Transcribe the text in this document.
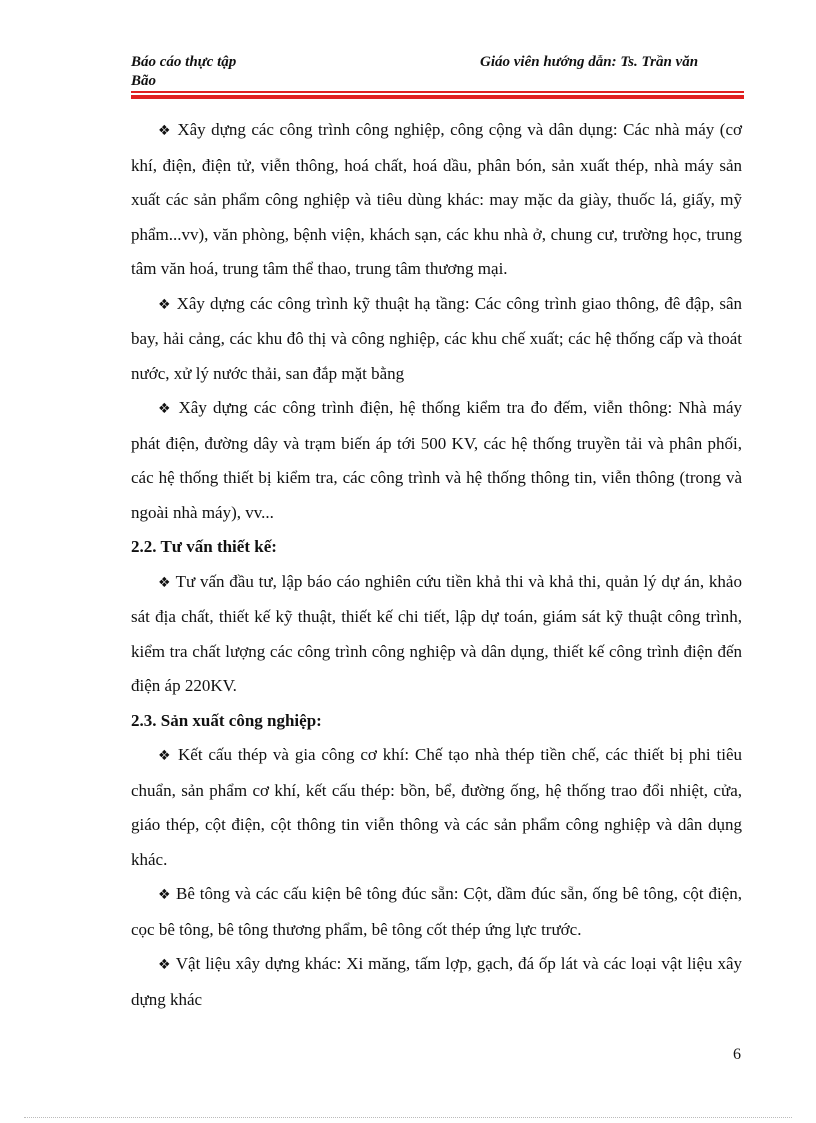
Báo cáo thực tập
Bão
Giáo viên hướng dẫn: Ts. Trần văn

❖ Xây dựng các công trình công nghiệp, công cộng và dân dụng: Các nhà máy (cơ khí, điện, điện tử, viễn thông, hoá chất, hoá dầu, phân bón, sản xuất thép, nhà máy sản xuất các sản phẩm công nghiệp và tiêu dùng khác: may mặc da giày, thuốc lá, giấy, mỹ phẩm...vv), văn phòng, bệnh viện, khách sạn, các khu nhà ở, chung cư, trường học, trung tâm văn hoá, trung tâm thể thao, trung tâm thương mại.

❖ Xây dựng các công trình kỹ thuật hạ tầng: Các công trình giao thông, đê đập, sân bay, hải cảng, các khu đô thị và công nghiệp, các khu chế xuất; các hệ thống cấp và thoát nước, xử lý nước thải, san đắp mặt bằng

❖ Xây dựng các công trình điện, hệ thống kiểm tra đo đếm, viễn thông: Nhà máy phát điện, đường dây và trạm biến áp tới 500 KV, các hệ thống truyền tải và phân phối, các hệ thống thiết bị kiểm tra, các công trình và hệ thống thông tin, viễn thông (trong và ngoài nhà máy), vv...

2.2. Tư vấn thiết kế:

❖ Tư vấn đầu tư, lập báo cáo nghiên cứu tiền khả thi và khả thi, quản lý dự án, khảo sát địa chất, thiết kế kỹ thuật, thiết kế chi tiết, lập dự toán, giám sát kỹ thuật công trình, kiểm tra chất lượng các công trình công nghiệp và dân dụng, thiết kế công trình điện đến điện áp 220KV.

2.3. Sản xuất công nghiệp:

❖ Kết cấu thép và gia công cơ khí: Chế tạo nhà thép tiền chế, các thiết bị phi tiêu chuẩn, sản phẩm cơ khí, kết cấu thép: bồn, bể, đường ống, hệ thống trao đổi nhiệt, cửa, giáo thép, cột điện, cột thông tin viễn thông và các sản phẩm công nghiệp và dân dụng khác.

❖ Bê tông và các cấu kiện bê tông đúc sẵn: Cột, dầm đúc sẵn, ống bê tông, cột điện, cọc bê tông, bê tông thương phẩm, bê tông cốt thép ứng lực trước.

❖ Vật liệu xây dựng khác: Xi măng, tấm lợp, gạch, đá ốp lát và các loại vật liệu xây dựng khác

6
